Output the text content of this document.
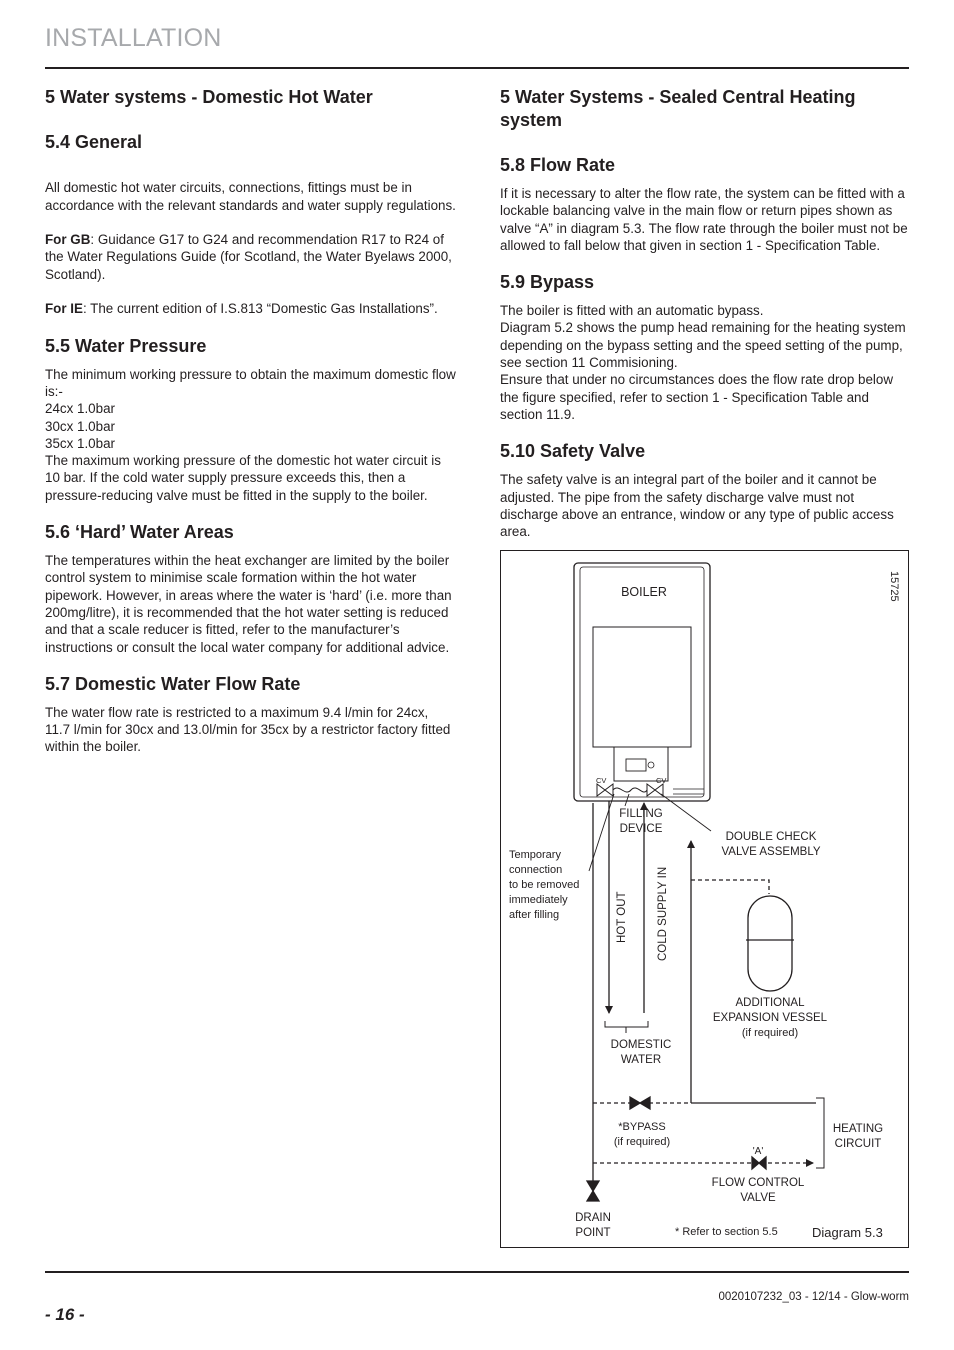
INSTALLATION
5 Water systems - Domestic Hot Water
5.4 General

All domestic hot water circuits, connections, fittings must be in accordance with the relevant standards and water supply regulations.

For GB: Guidance G17 to G24 and recommendation R17 to R24 of the Water Regulations Guide (for Scotland, the Water Byelaws 2000, Scotland).

For IE: The current edition of I.S.813 “Domestic Gas Installations”.

5.5 Water Pressure

The minimum working pressure to obtain the maximum domestic flow is:-
24cx 1.0bar
30cx 1.0bar
35cx 1.0bar
The maximum working pressure of the domestic hot water circuit is 10 bar. If the cold water supply pressure exceeds this, then a pressure-reducing valve must be fitted in the supply to the boiler.

5.6 ‘Hard’ Water Areas

The temperatures within the heat exchanger are limited by the boiler control system to minimise scale formation within the hot water pipework. However, in areas where the water is ‘hard’ (i.e. more than 200mg/litre), it is recommended that the hot water setting is reduced and that a scale reducer is fitted, refer to the manufacturer’s instructions or consult the local water company for additional advice.

5.7 Domestic Water Flow Rate

The water flow rate is restricted to a maximum 9.4 l/min for 24cx, 11.7 l/min for 30cx and 13.0l/min for 35cx by a restrictor factory fitted within the boiler.

5 Water Systems - Sealed Central Heating system
5.8 Flow Rate

If it is necessary to alter the flow rate, the system can be fitted with a lockable balancing valve in the main flow or return pipes shown as valve “A” in diagram 5.3. The flow rate through the boiler must not be allowed to fall below that given in section 1 - Specification Table.

5.9 Bypass

The boiler is fitted with an automatic bypass.
Diagram 5.2 shows the pump head remaining for the heating system depending on the bypass setting and the speed setting of the pump, see section 11 Commisioning.
Ensure that under no circumstances does the flow rate drop below the figure specified, refer to section 1 - Specification Table and section 11.9.

5.10 Safety Valve

The safety valve is an integral part of the boiler and it cannot be adjusted. The pipe from the safety discharge valve must not discharge above an entrance, window or any type of public access area.

15725
BOILER
CV	CV
FILLING
DEVICE
DOUBLE CHECK
VALVE ASSEMBLY
Temporary
connection
to be removed
immediately
after filling	HOT OUT	COLD SUPPLY IN
ADDITIONAL
EXPANSION VESSEL
(if required)
DOMESTIC
WATER
*BYPASS
(if required)
'A'
HEATING
CIRCUIT
FLOW CONTROL
VALVE
DRAIN
POINT	* Refer to section 5.5	Diagram 5.3
- 16 -
0020107232_03 - 12/14 - Glow-worm
